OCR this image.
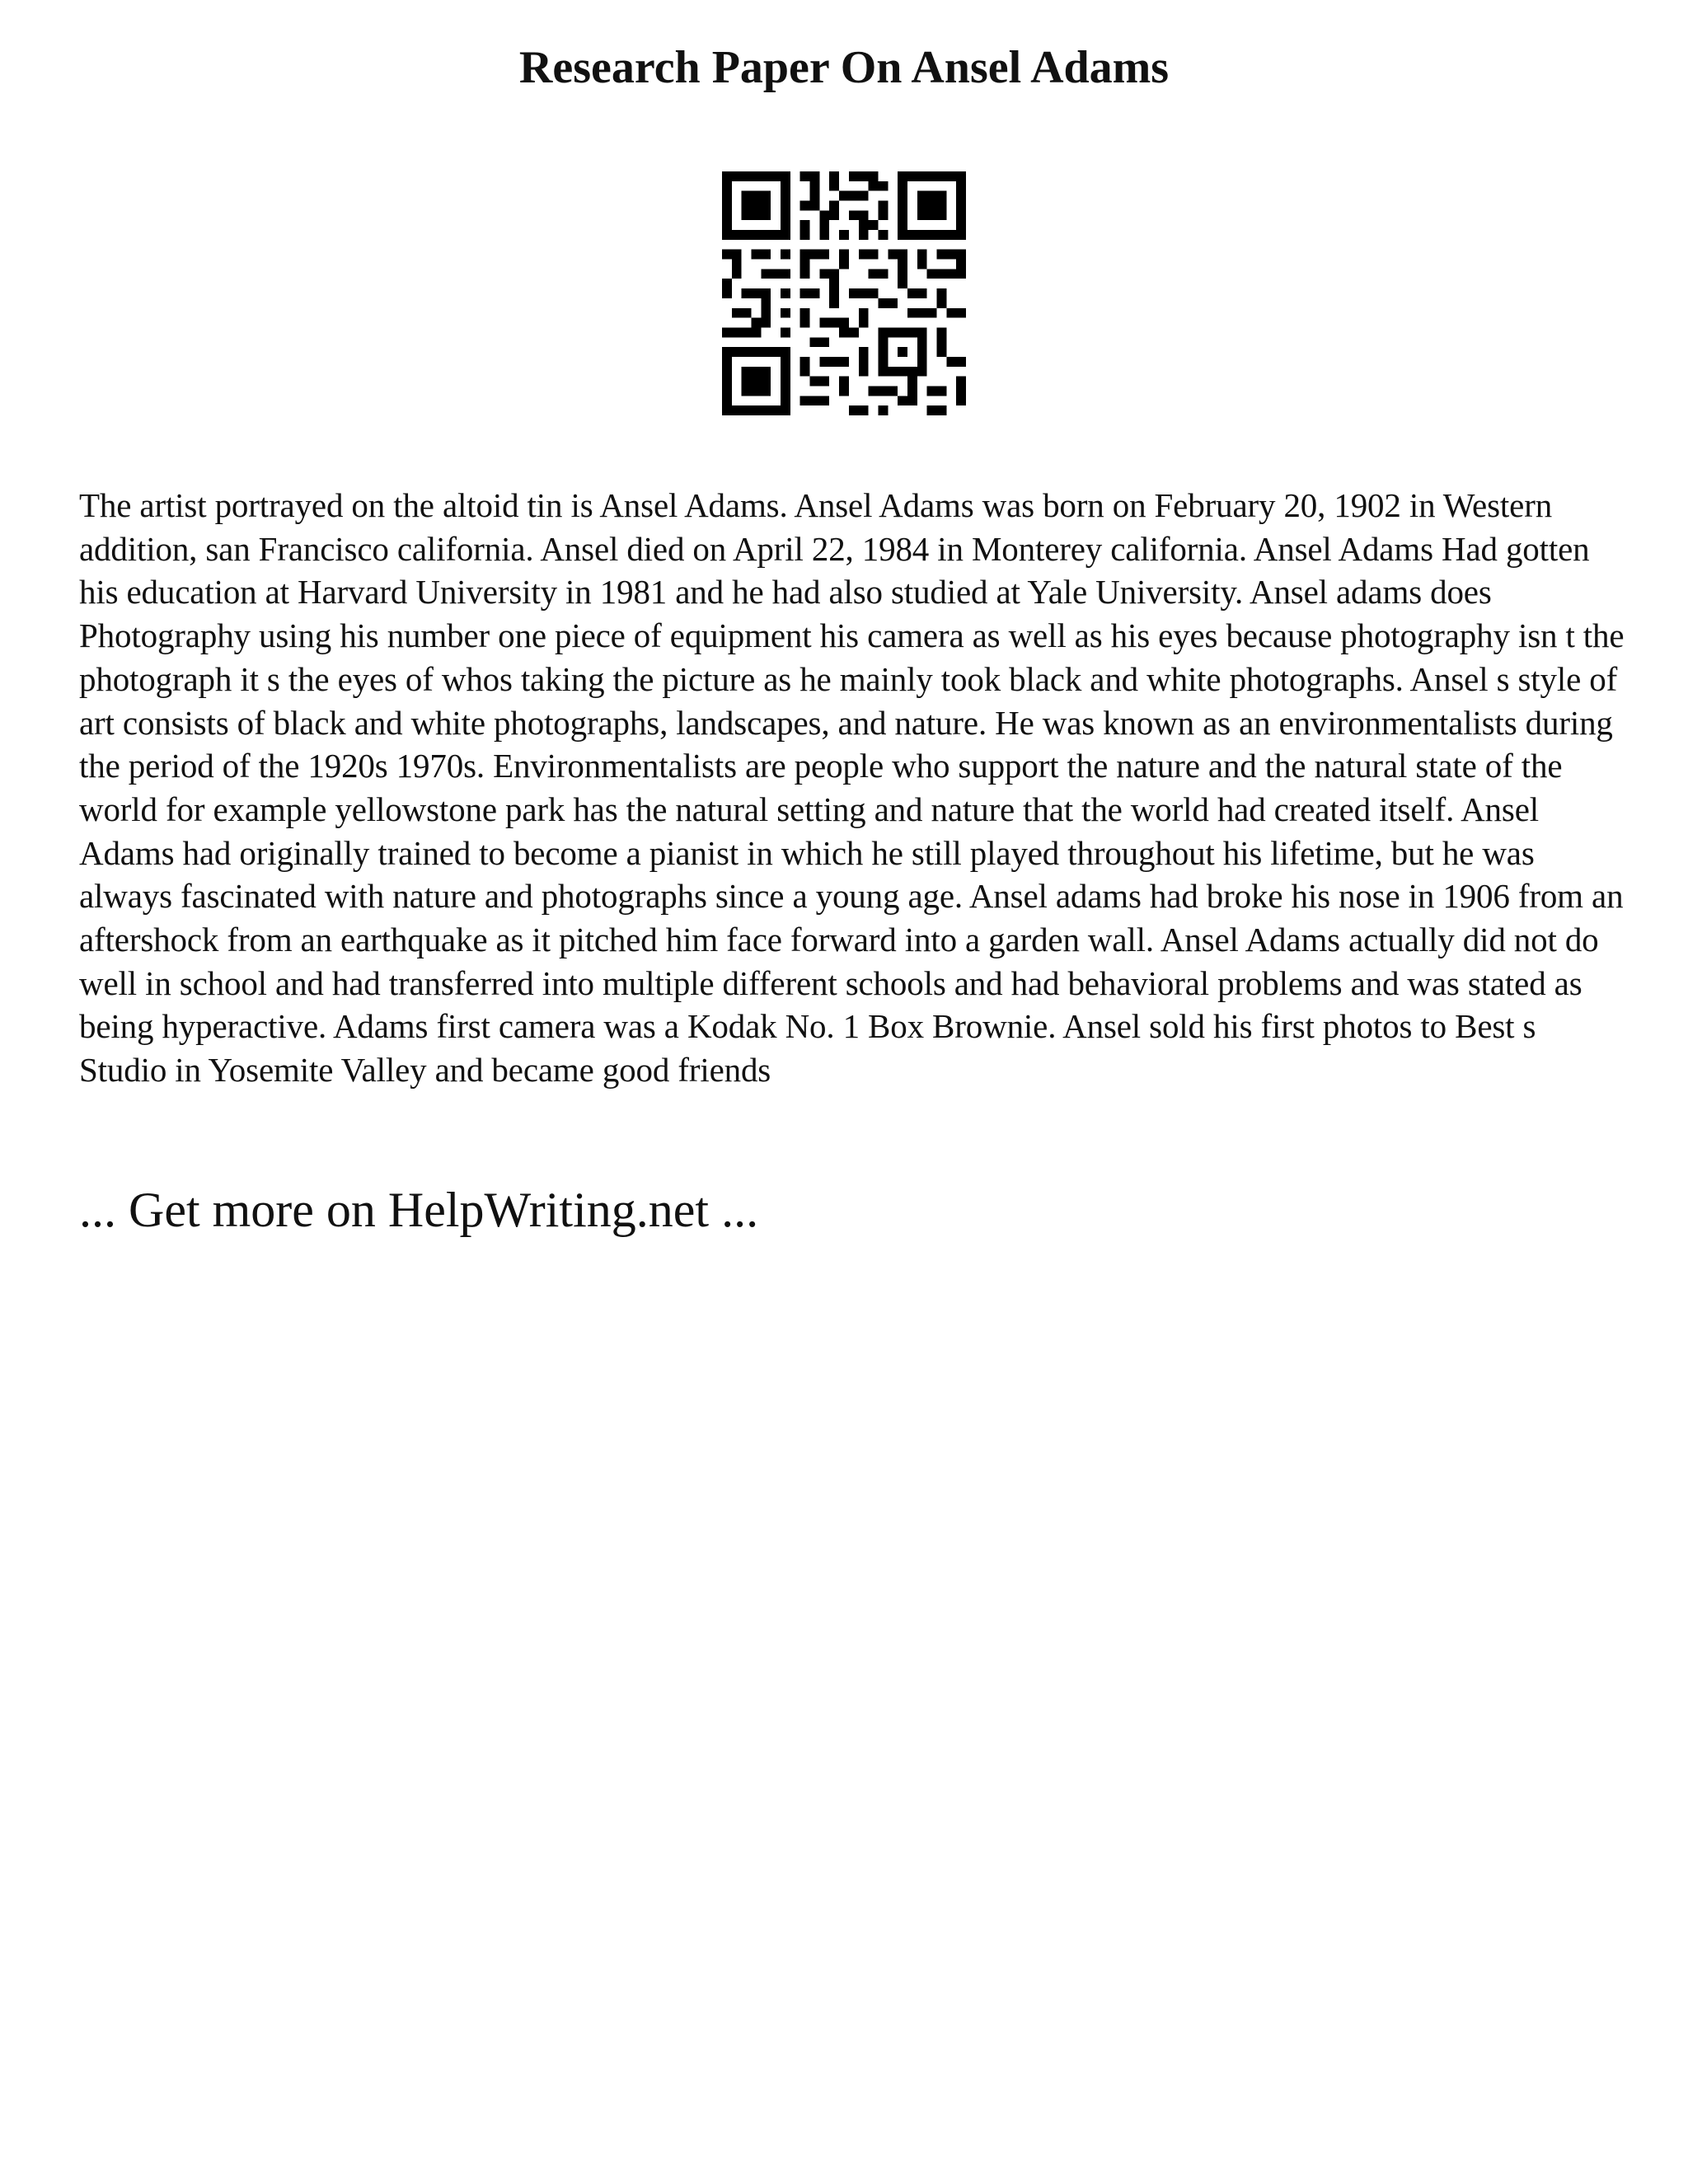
Research Paper On Ansel Adams

The artist portrayed on the altoid tin is Ansel Adams. Ansel Adams was born on February 20, 1902 in Western addition, san Francisco california. Ansel died on April 22, 1984 in Monterey california. Ansel Adams Had gotten his education at Harvard University in 1981 and he had also studied at Yale University. Ansel adams does Photography using his number one piece of equipment his camera as well as his eyes because photography isn t the photograph it s the eyes of whos taking the picture as he mainly took black and white photographs. Ansel s style of art consists of black and white photographs, landscapes, and nature. He was known as an environmentalists during the period of the 1920s 1970s. Environmentalists are people who support the nature and the natural state of the world for example yellowstone park has the natural setting and nature that the world had created itself. Ansel Adams had originally trained to become a pianist in which he still played throughout his lifetime, but he was always fascinated with nature and photographs since a young age. Ansel adams had broke his nose in 1906 from an aftershock from an earthquake as it pitched him face forward into a garden wall. Ansel Adams actually did not do well in school and had transferred into multiple different schools and had behavioral problems and was stated as being hyperactive. Adams first camera was a Kodak No. 1 Box Brownie. Ansel sold his first photos to Best s Studio in Yosemite Valley and became good friends

... Get more on HelpWriting.net ...
